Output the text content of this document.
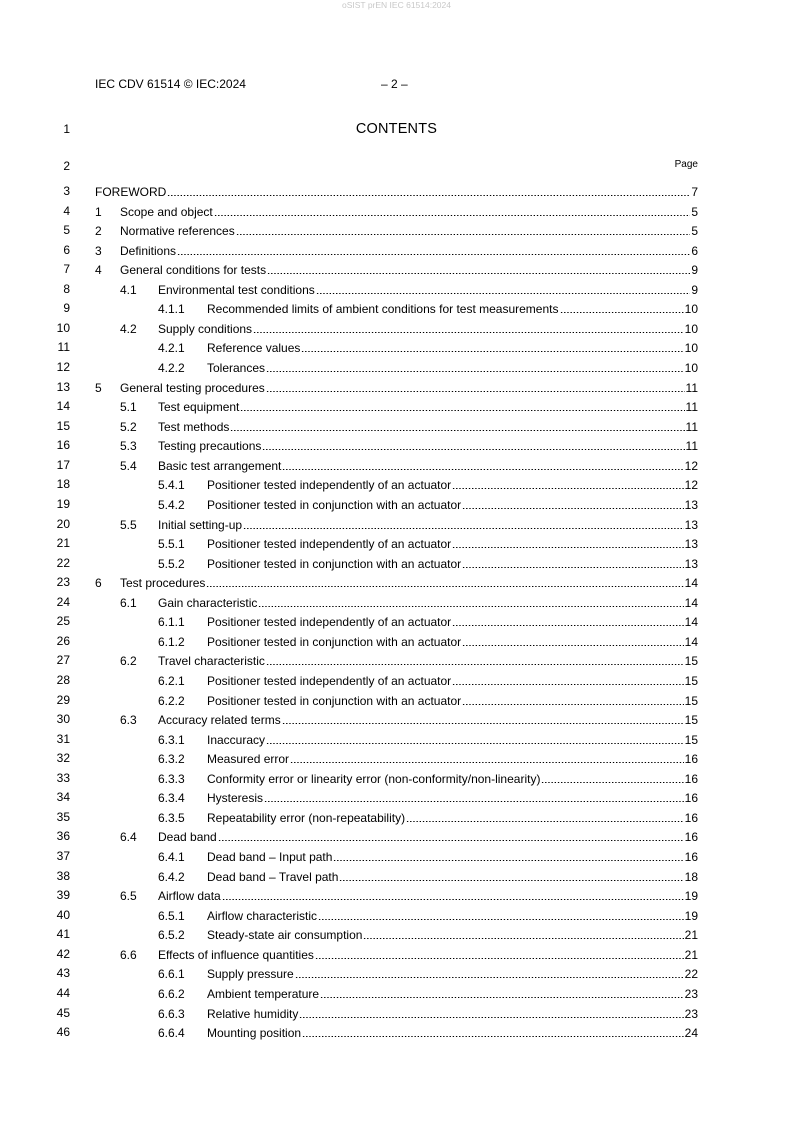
oSIST prEN IEC 61514:2024
IEC CDV 61514 © IEC:2024	– 2 –
1
2
3
4
5
6
7
8
9
10
11
12
13
14
15
16
17
18
19
20
21
22
23
24
25
26
27
28
29
30
31
32
33
34
35
36
37
38
39
40
41
42
43
44
45
46
CONTENTS
Page
FOREWORD	7
1 Scope and object	5
2 Normative references	5
3 Definitions	6
4 General conditions for tests	9
4.1 Environmental test conditions	9
4.1.1 Recommended limits of ambient conditions for test measurements	10
4.2 Supply conditions	10
4.2.1 Reference values	10
4.2.2 Tolerances	10
5 General testing procedures	11
5.1 Test equipment	11
5.2 Test methods	11
5.3 Testing precautions	11
5.4 Basic test arrangement	12
5.4.1 Positioner tested independently of an actuator	12
5.4.2 Positioner tested in conjunction with an actuator	13
5.5 Initial setting-up	13
5.5.1 Positioner tested independently of an actuator	13
5.5.2 Positioner tested in conjunction with an actuator	13
6 Test procedures	14
6.1 Gain characteristic	14
6.1.1 Positioner tested independently of an actuator	14
6.1.2 Positioner tested in conjunction with an actuator	14
6.2 Travel characteristic	15
6.2.1 Positioner tested independently of an actuator	15
6.2.2 Positioner tested in conjunction with an actuator	15
6.3 Accuracy related terms	15
6.3.1 Inaccuracy	15
6.3.2 Measured error	16
6.3.3 Conformity error or linearity error (non-conformity/non-linearity)	16
6.3.4 Hysteresis	16
6.3.5 Repeatability error (non-repeatability)	16
6.4 Dead band	16
6.4.1 Dead band – Input path	16
6.4.2 Dead band – Travel path	18
6.5 Airflow data	19
6.5.1 Airflow characteristic	19
6.5.2 Steady-state air consumption	21
6.6 Effects of influence quantities	21
6.6.1 Supply pressure	22
6.6.2 Ambient temperature	23
6.6.3 Relative humidity	23
6.6.4 Mounting position	24
